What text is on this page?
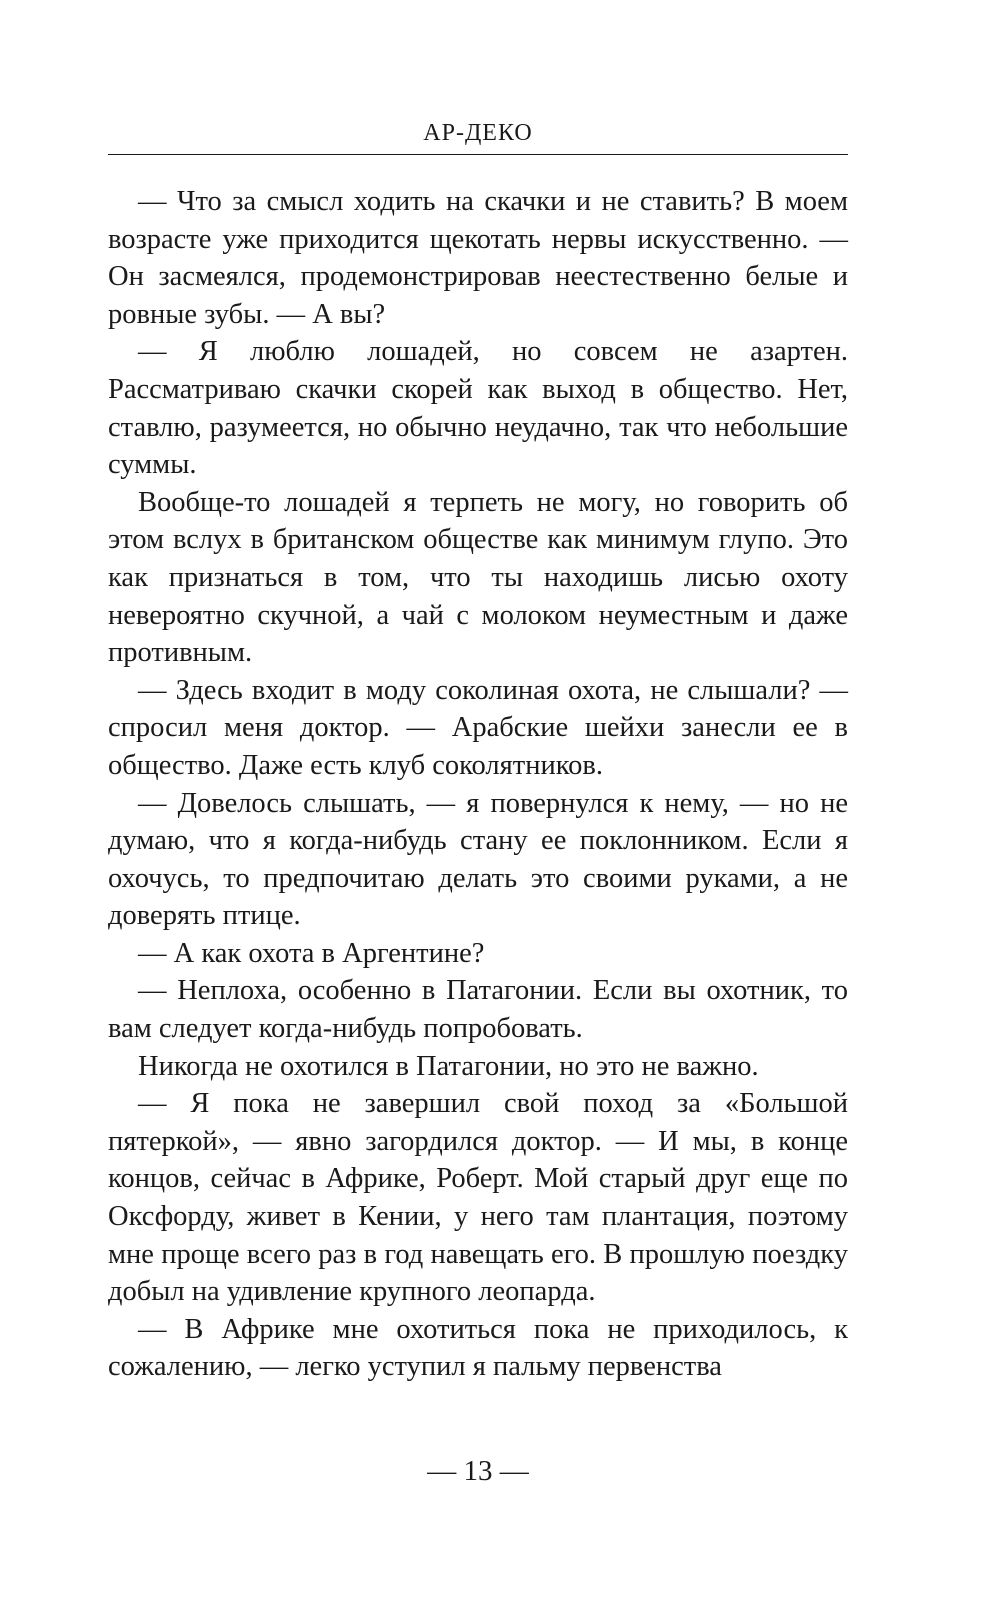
АР-ДЕКО

— Что за смысл ходить на скачки и не ставить? В моем возрасте уже приходится щекотать нервы искусственно. — Он засмеялся, продемонстрировав неестественно белые и ровные зубы. — А вы?

— Я люблю лошадей, но совсем не азартен. Рассматриваю скачки скорей как выход в общество. Нет, ставлю, разумеется, но обычно неудачно, так что небольшие суммы.

Вообще-то лошадей я терпеть не могу, но говорить об этом вслух в британском обществе как минимум глупо. Это как признаться в том, что ты находишь лисью охоту невероятно скучной, а чай с молоком неуместным и даже противным.

— Здесь входит в моду соколиная охота, не слышали? — спросил меня доктор. — Арабские шейхи занесли ее в общество. Даже есть клуб соколятников.

— Довелось слышать, — я повернулся к нему, — но не думаю, что я когда-нибудь стану ее поклонником. Если я охочусь, то предпочитаю делать это своими руками, а не доверять птице.

— А как охота в Аргентине?

— Неплоха, особенно в Патагонии. Если вы охотник, то вам следует когда-нибудь попробовать.

Никогда не охотился в Патагонии, но это не важно.

— Я пока не завершил свой поход за «Большой пятеркой», — явно загордился доктор. — И мы, в конце концов, сейчас в Африке, Роберт. Мой старый друг еще по Оксфорду, живет в Кении, у него там плантация, поэтому мне проще всего раз в год навещать его. В прошлую поездку добыл на удивление крупного леопарда.

— В Африке мне охотиться пока не приходилось, к сожалению, — легко уступил я пальму первенства

— 13 —
